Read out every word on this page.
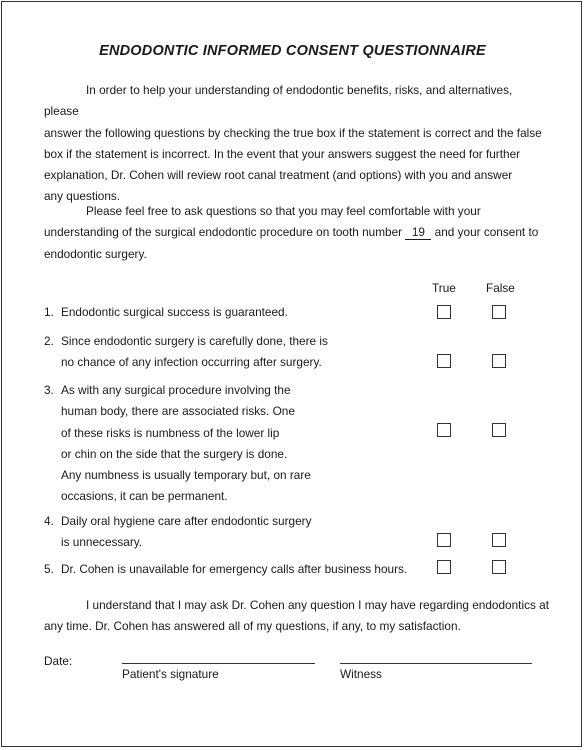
ENDODONTIC INFORMED CONSENT QUESTIONNAIRE
In order to help your understanding of endodontic benefits, risks, and alternatives, please
answer the following questions by checking the true box if the statement is correct and the false
box if the statement is incorrect. In the event that your answers suggest the need for further
explanation, Dr. Cohen will review root canal treatment (and options) with you and answer
any questions.
Please feel free to ask questions so that you may feel comfortable with your
understanding of the surgical endodontic procedure on tooth number 19 and your consent to
endodontic surgery.
True	False
1. Endodontic surgical success is guaranteed.
2. Since endodontic surgery is carefully done, there is
no chance of any infection occurring after surgery.
3. As with any surgical procedure involving the
human body, there are associated risks. One
of these risks is numbness of the lower lip
or chin on the side that the surgery is done.
Any numbness is usually temporary but, on rare
occasions, it can be permanent.
4. Daily oral hygiene care after endodontic surgery
is unnecessary.
5. Dr. Cohen is unavailable for emergency calls after business hours.
I understand that I may ask Dr. Cohen any question I may have regarding endodontics at
any time. Dr. Cohen has answered all of my questions, if any, to my satisfaction.
Date:
Patient's signature	Witness
